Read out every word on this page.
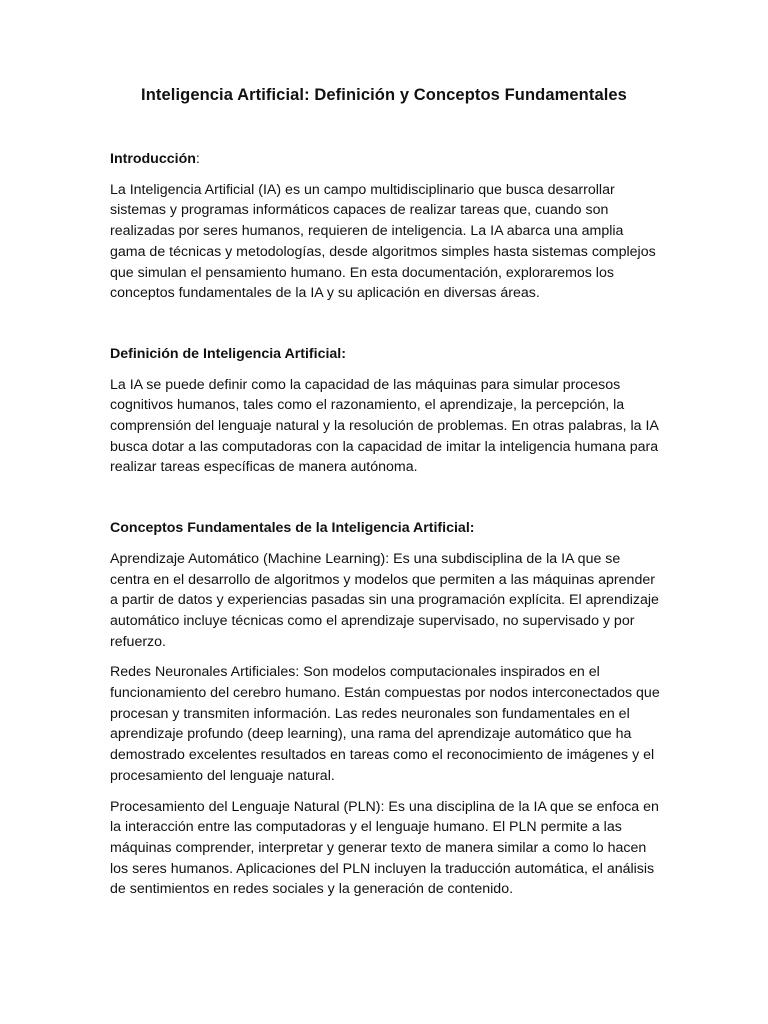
Inteligencia Artificial: Definición y Conceptos Fundamentales

Introducción:

La Inteligencia Artificial (IA) es un campo multidisciplinario que busca desarrollar sistemas y programas informáticos capaces de realizar tareas que, cuando son realizadas por seres humanos, requieren de inteligencia. La IA abarca una amplia gama de técnicas y metodologías, desde algoritmos simples hasta sistemas complejos que simulan el pensamiento humano. En esta documentación, exploraremos los conceptos fundamentales de la IA y su aplicación en diversas áreas.

Definición de Inteligencia Artificial:

La IA se puede definir como la capacidad de las máquinas para simular procesos cognitivos humanos, tales como el razonamiento, el aprendizaje, la percepción, la comprensión del lenguaje natural y la resolución de problemas. En otras palabras, la IA busca dotar a las computadoras con la capacidad de imitar la inteligencia humana para realizar tareas específicas de manera autónoma.

Conceptos Fundamentales de la Inteligencia Artificial:

Aprendizaje Automático (Machine Learning): Es una subdisciplina de la IA que se centra en el desarrollo de algoritmos y modelos que permiten a las máquinas aprender a partir de datos y experiencias pasadas sin una programación explícita. El aprendizaje automático incluye técnicas como el aprendizaje supervisado, no supervisado y por refuerzo.

Redes Neuronales Artificiales: Son modelos computacionales inspirados en el funcionamiento del cerebro humano. Están compuestas por nodos interconectados que procesan y transmiten información. Las redes neuronales son fundamentales en el aprendizaje profundo (deep learning), una rama del aprendizaje automático que ha demostrado excelentes resultados en tareas como el reconocimiento de imágenes y el procesamiento del lenguaje natural.

Procesamiento del Lenguaje Natural (PLN): Es una disciplina de la IA que se enfoca en la interacción entre las computadoras y el lenguaje humano. El PLN permite a las máquinas comprender, interpretar y generar texto de manera similar a como lo hacen los seres humanos. Aplicaciones del PLN incluyen la traducción automática, el análisis de sentimientos en redes sociales y la generación de contenido.
